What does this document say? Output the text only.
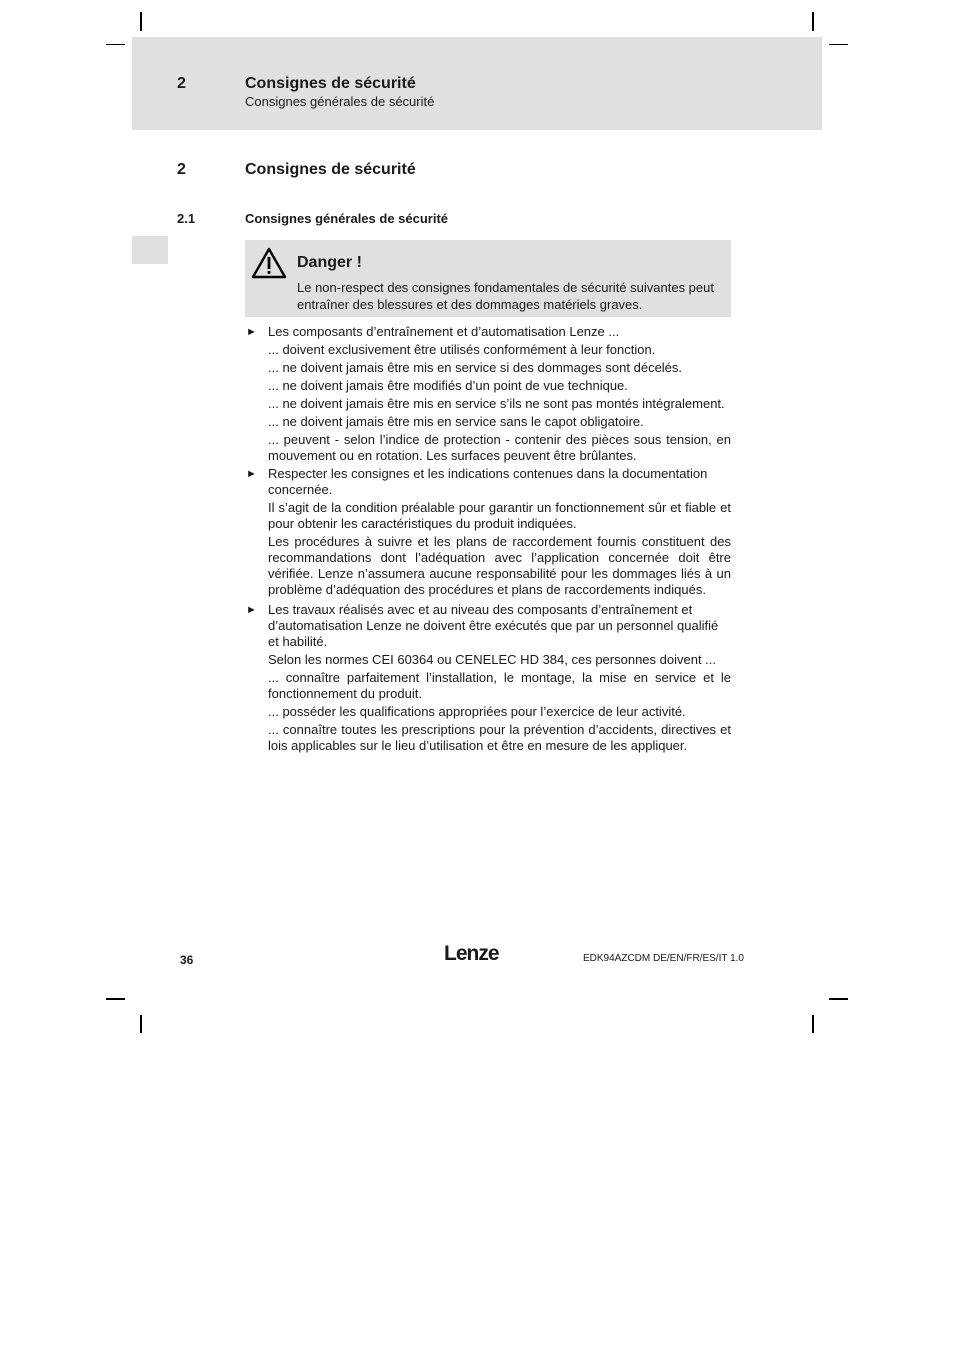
2	Consignes de sécurité
Consignes générales de sécurité
2	Consignes de sécurité
2.1	Consignes générales de sécurité
Danger !
Le non-respect des consignes fondamentales de sécurité suivantes peut entraîner des blessures et des dommages matériels graves.
► Les composants d’entraînement et d’automatisation Lenze ...

... doivent exclusivement être utilisés conformément à leur fonction.

... ne doivent jamais être mis en service si des dommages sont décelés.

... ne doivent jamais être modifiés d’un point de vue technique.

... ne doivent jamais être mis en service s’ils ne sont pas montés intégralement.

... ne doivent jamais être mis en service sans le capot obligatoire.

... peuvent - selon l’indice de protection - contenir des pièces sous tension, en mouvement ou en rotation. Les surfaces peuvent être brûlantes.

► Respecter les consignes et les indications contenues dans la documentation concernée.

Il s’agit de la condition préalable pour garantir un fonctionnement sûr et fiable et pour obtenir les caractéristiques du produit indiquées.

Les procédures à suivre et les plans de raccordement fournis constituent des recommandations dont l’adéquation avec l’application concernée doit être vérifiée. Lenze n’assumera aucune responsabilité pour les dommages liés à un problème d’adéquation des procédures et plans de raccordements indiqués.

► Les travaux réalisés avec et au niveau des composants d’entraînement et d’automatisation Lenze ne doivent être exécutés que par un personnel qualifié et habilité.

Selon les normes CEI 60364 ou CENELEC HD 384, ces personnes doivent ...

... connaître parfaitement l’installation, le montage, la mise en service et le fonctionnement du produit.

... posséder les qualifications appropriées pour l’exercice de leur activité.

... connaître toutes les prescriptions pour la prévention d’accidents, directives et lois applicables sur le lieu d’utilisation et être en mesure de les appliquer.

36	Lenze	EDK94AZCDM DE/EN/FR/ES/IT 1.0
